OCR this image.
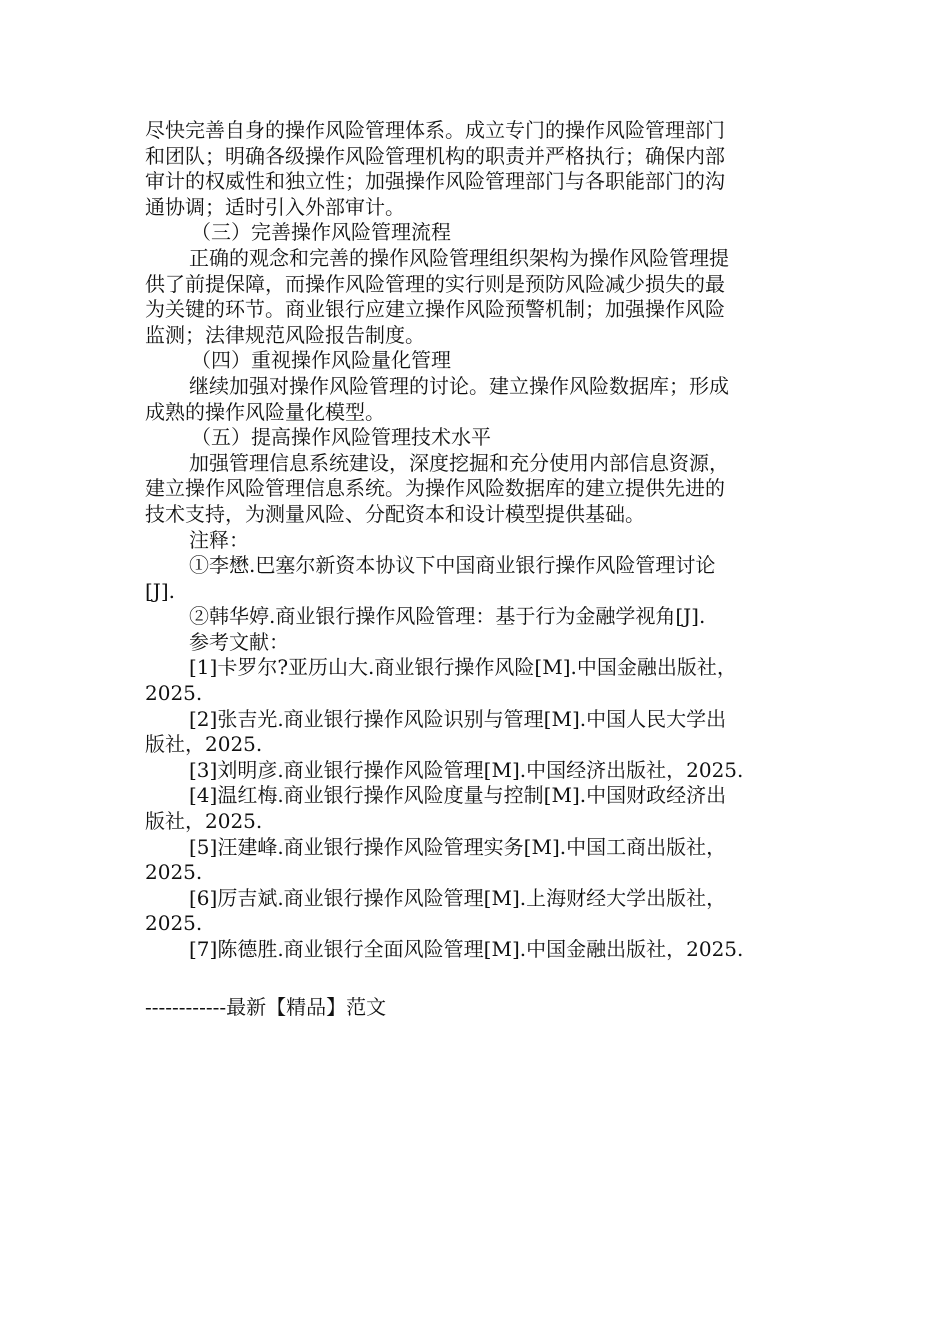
尽快完善自身的操作风险管理体系。成立专门的操作风险管理部门
和团队；明确各级操作风险管理机构的职责并严格执行；确保内部
审计的权威性和独立性；加强操作风险管理部门与各职能部门的沟
通协调；适时引入外部审计。
（三）完善操作风险管理流程
正确的观念和完善的操作风险管理组织架构为操作风险管理提
供了前提保障，而操作风险管理的实行则是预防风险减少损失的最
为关键的环节。商业银行应建立操作风险预警机制；加强操作风险
监测；法律规范风险报告制度。
（四）重视操作风险量化管理
继续加强对操作风险管理的讨论。建立操作风险数据库；形成
成熟的操作风险量化模型。
（五）提高操作风险管理技术水平
加强管理信息系统建设，深度挖掘和充分使用内部信息资源，
建立操作风险管理信息系统。为操作风险数据库的建立提供先进的
技术支持，为测量风险、分配资本和设计模型提供基础。
注释：
①李懋.巴塞尔新资本协议下中国商业银行操作风险管理讨论
[J].
②韩华婷.商业银行操作风险管理：基于行为金融学视角[J].
参考文献：
[1]卡罗尔?亚历山大.商业银行操作风险[M].中国金融出版社，
2025.
[2]张吉光.商业银行操作风险识别与管理[M].中国人民大学出
版社，2025.
[3]刘明彦.商业银行操作风险管理[M].中国经济出版社，2025.
[4]温红梅.商业银行操作风险度量与控制[M].中国财政经济出
版社，2025.
[5]汪建峰.商业银行操作风险管理实务[M].中国工商出版社，
2025.
[6]厉吉斌.商业银行操作风险管理[M].上海财经大学出版社，
2025.
[7]陈德胜.商业银行全面风险管理[M].中国金融出版社，2025.
------------最新【精品】范文
